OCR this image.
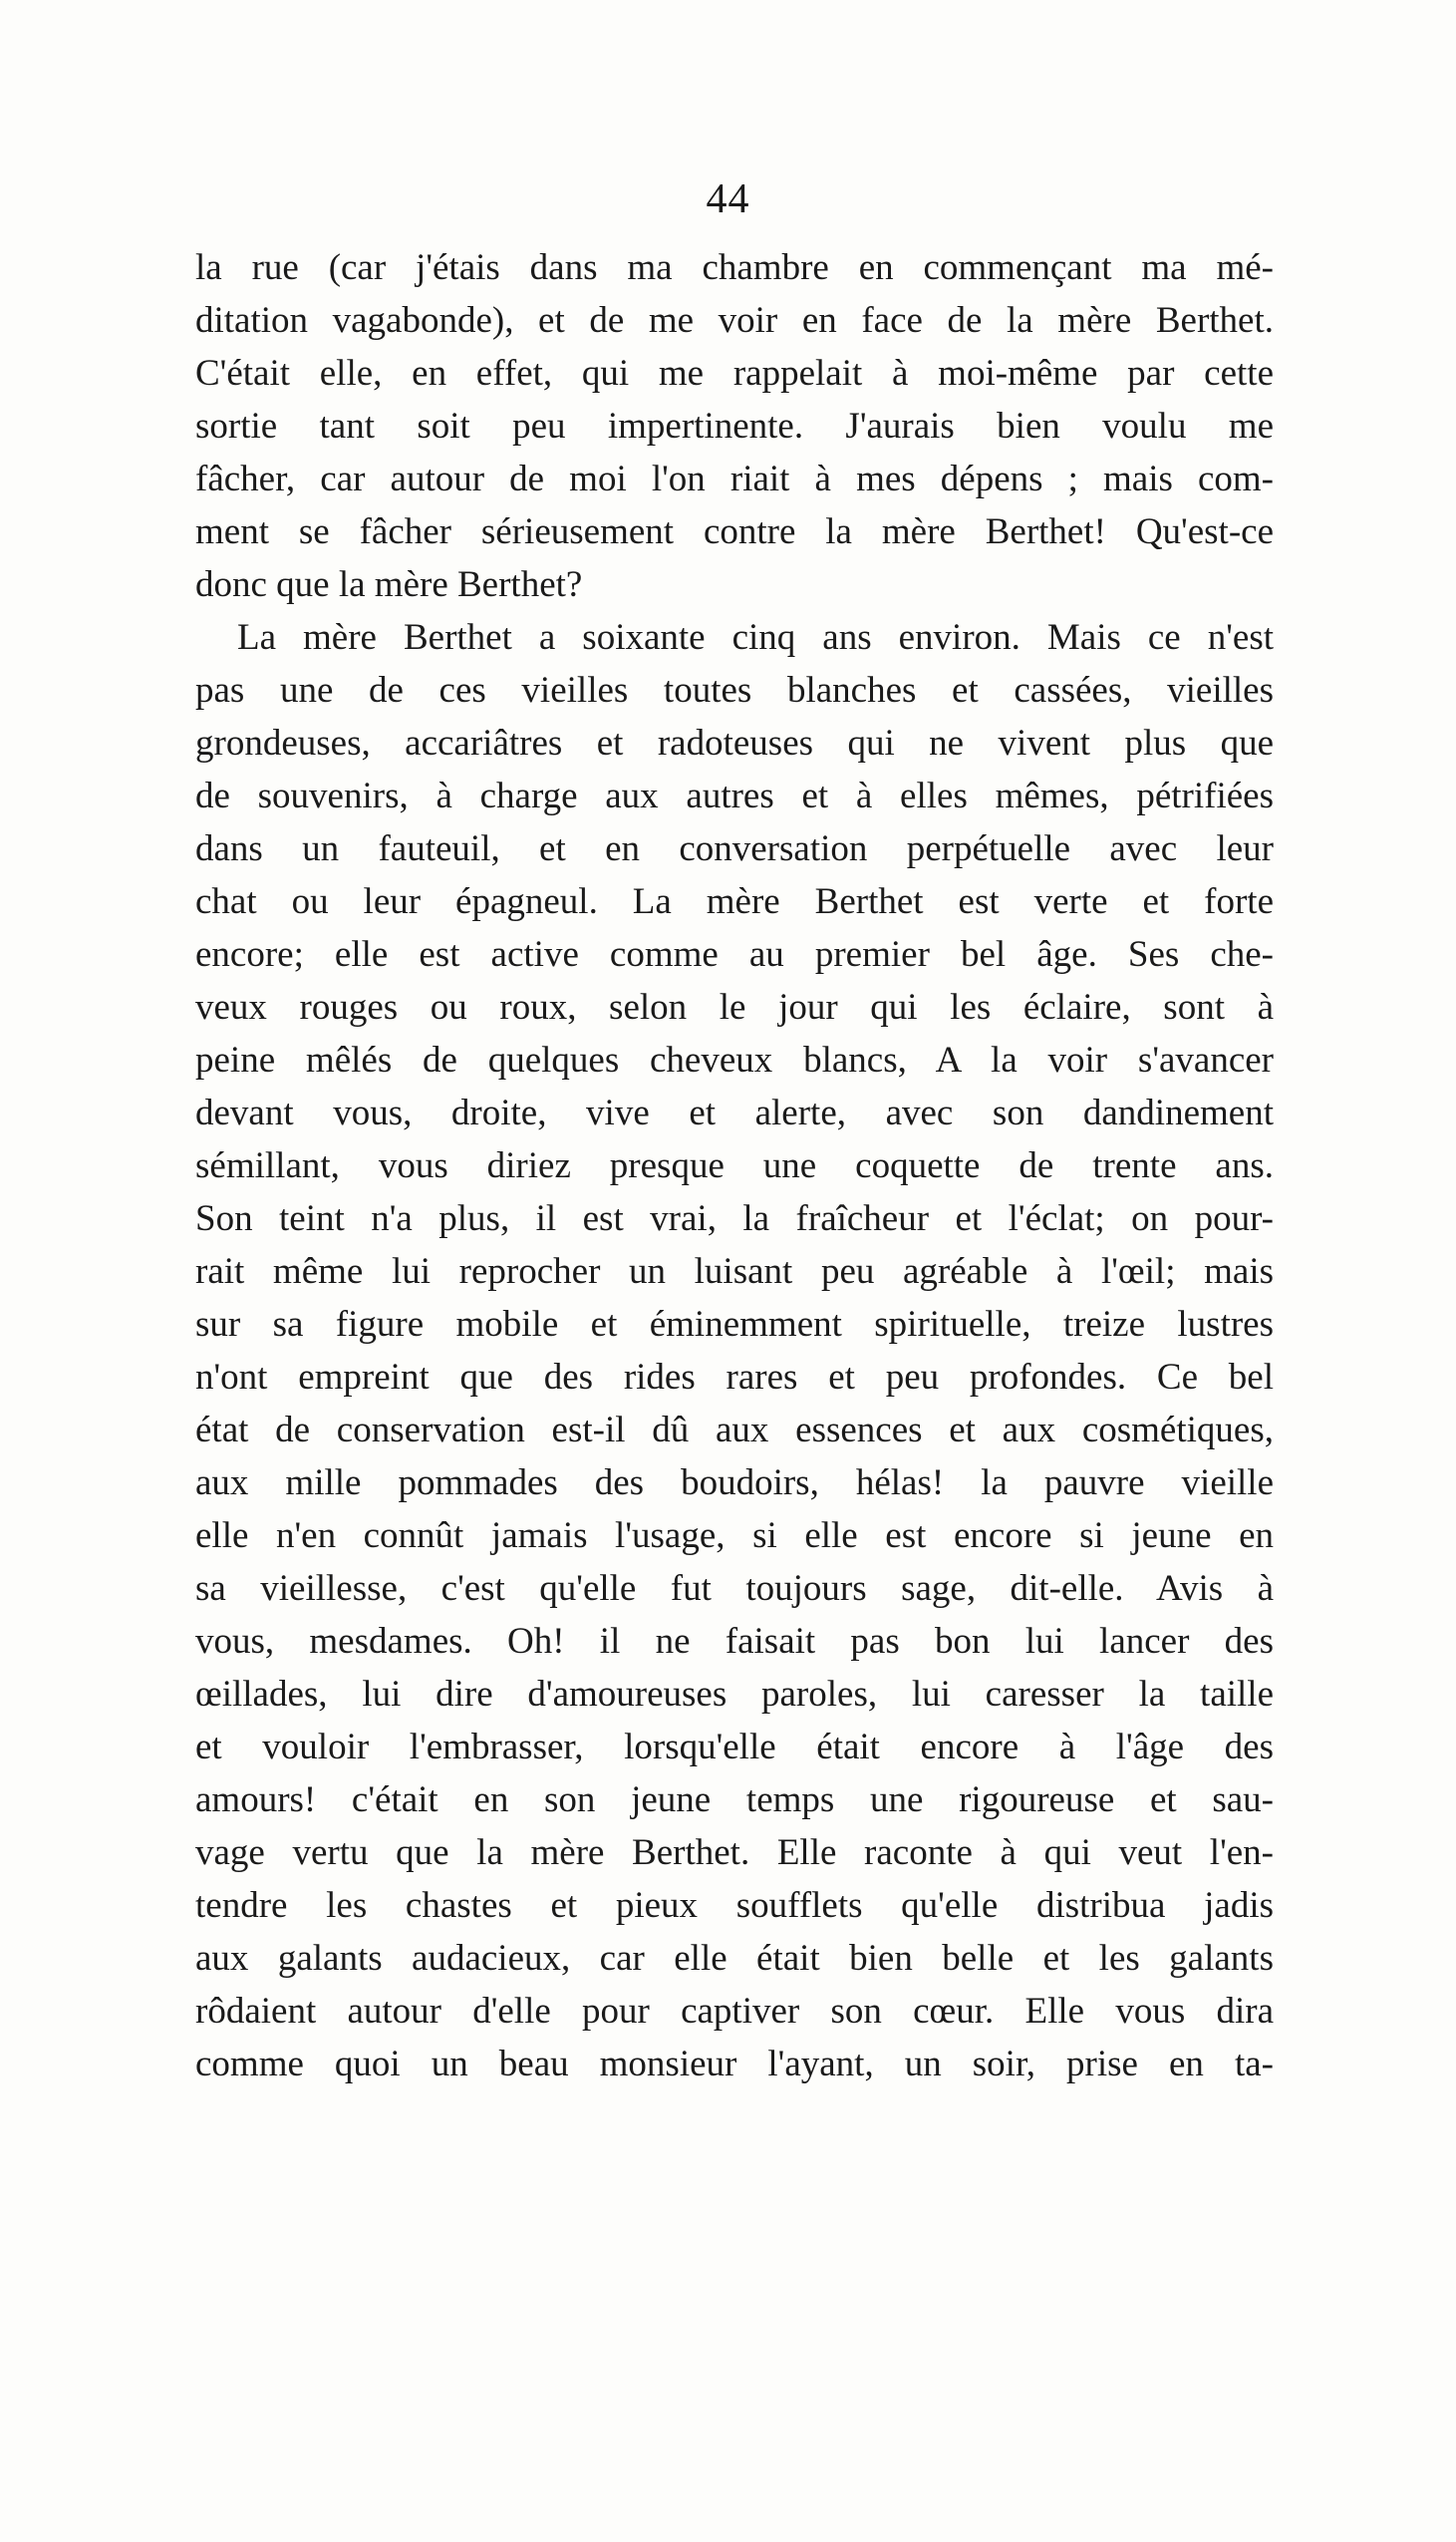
44
la rue (car j'étais dans ma chambre en commençant ma mé-
ditation vagabonde), et de me voir en face de la mère Berthet.
C'était elle, en effet, qui me rappelait à moi-même par cette
sortie tant soit peu impertinente. J'aurais bien voulu me
fâcher, car autour de moi l'on riait à mes dépens ; mais com-
ment se fâcher sérieusement contre la mère Berthet! Qu'est-ce
donc que la mère Berthet?
La mère Berthet a soixante cinq ans environ. Mais ce n'est
pas une de ces vieilles toutes blanches et cassées, vieilles
grondeuses, accariâtres et radoteuses qui ne vivent plus que
de souvenirs, à charge aux autres et à elles mêmes, pétrifiées
dans un fauteuil, et en conversation perpétuelle avec leur
chat ou leur épagneul. La mère Berthet est verte et forte
encore; elle est active comme au premier bel âge. Ses che-
veux rouges ou roux, selon le jour qui les éclaire, sont à
peine mêlés de quelques cheveux blancs, A la voir s'avancer
devant vous, droite, vive et alerte, avec son dandinement
sémillant, vous diriez presque une coquette de trente ans.
Son teint n'a plus, il est vrai, la fraîcheur et l'éclat; on pour-
rait même lui reprocher un luisant peu agréable à l'œil; mais
sur sa figure mobile et éminemment spirituelle, treize lustres
n'ont empreint que des rides rares et peu profondes. Ce bel
état de conservation est-il dû aux essences et aux cosmétiques,
aux mille pommades des boudoirs, hélas! la pauvre vieille
elle n'en connût jamais l'usage, si elle est encore si jeune en
sa vieillesse, c'est qu'elle fut toujours sage, dit-elle. Avis à
vous, mesdames. Oh! il ne faisait pas bon lui lancer des
œillades, lui dire d'amoureuses paroles, lui caresser la taille
et vouloir l'embrasser, lorsqu'elle était encore à l'âge des
amours! c'était en son jeune temps une rigoureuse et sau-
vage vertu que la mère Berthet. Elle raconte à qui veut l'en-
tendre les chastes et pieux soufflets qu'elle distribua jadis
aux galants audacieux, car elle était bien belle et les galants
rôdaient autour d'elle pour captiver son cœur. Elle vous dira
comme quoi un beau monsieur l'ayant, un soir, prise en ta-
